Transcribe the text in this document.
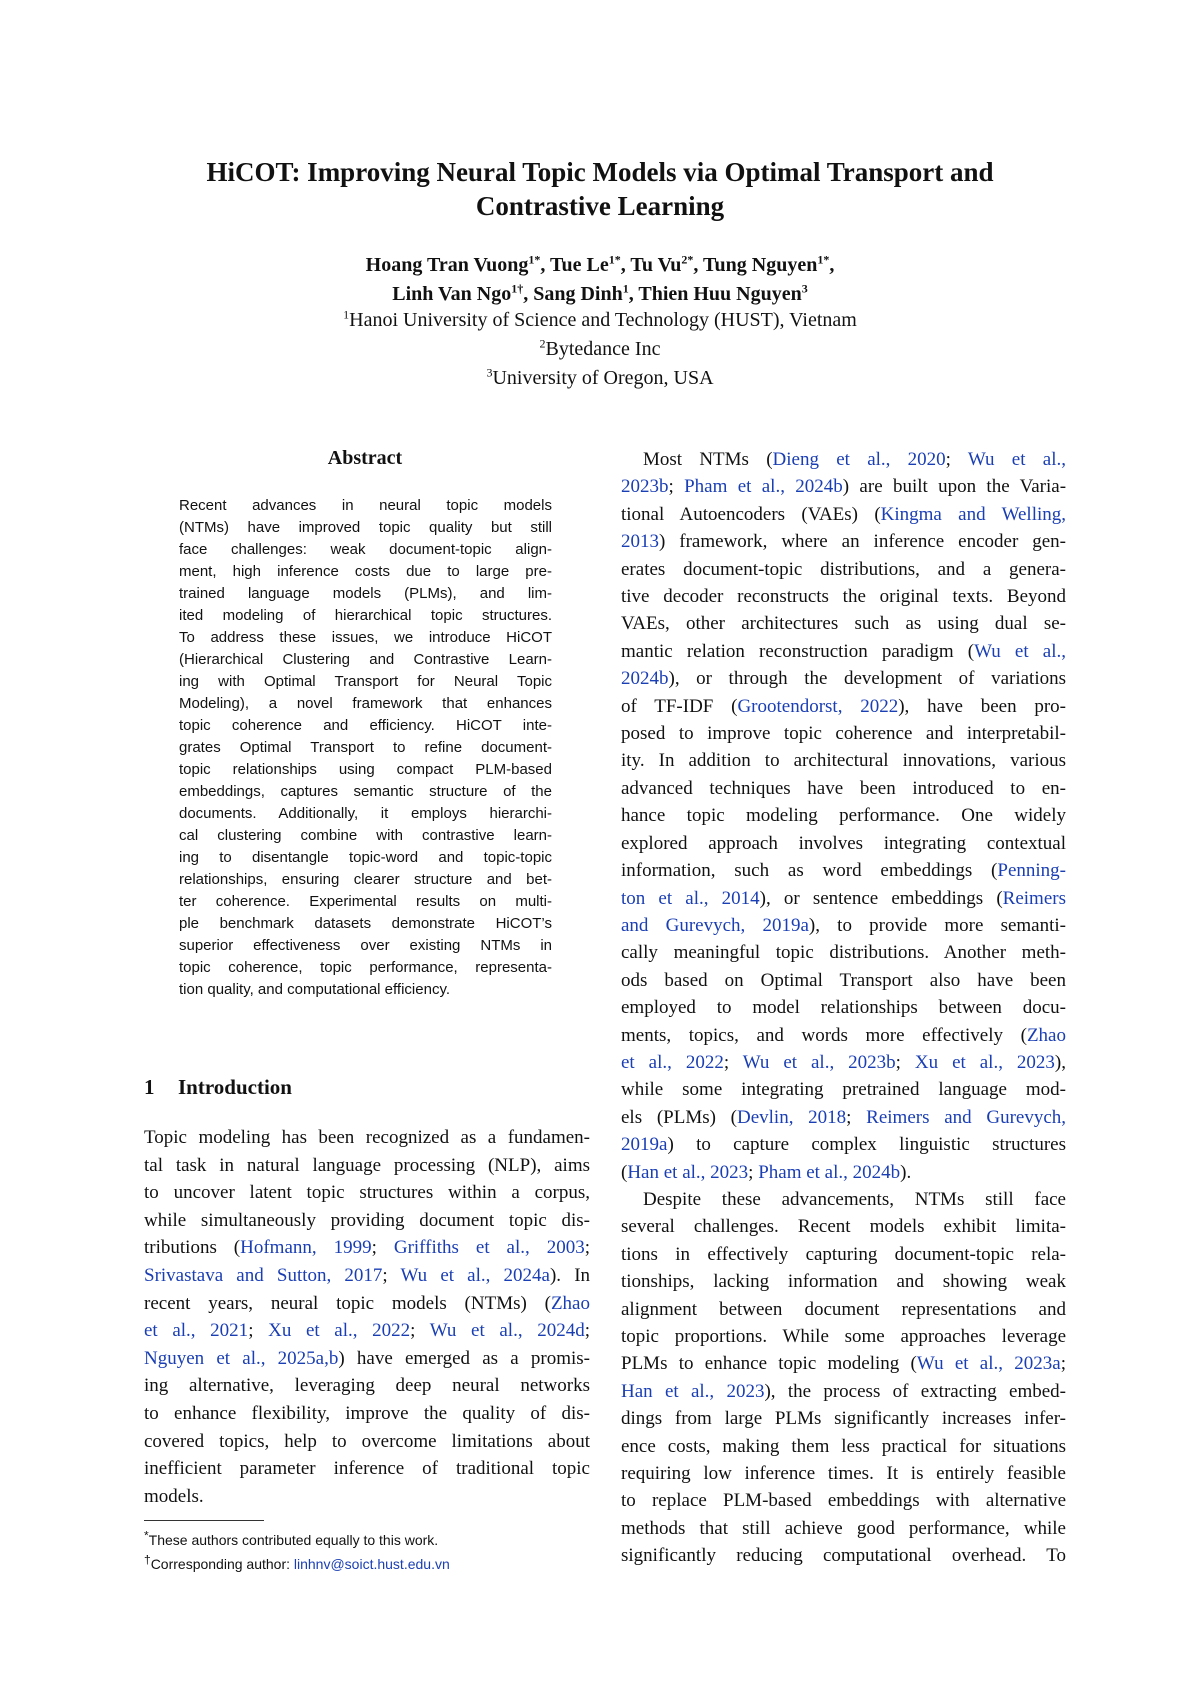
HiCOT: Improving Neural Topic Models via Optimal Transport and
Contrastive Learning
Hoang Tran Vuong$^{1*}$, Tue $Le^{1*}$, Tu $Vu^{2*}$, Tung Nguyen$^{1*}$,
Linh Van Ngo$^{1\dagger}$, Sang Dinh$^1$, Thien Huu Nguyen$^3$
$^1$Hanoi University of Science and Technology (HUST), Vietnam
$^2$Bytedance Inc
$^3$University of Oregon, USA
Abstract
Recent advances in neural topic models
(NTMs) have improved topic quality but still
face challenges: weak document-topic align-
ment, high inference costs due to large pre-
trained language models (PLMs), and lim-
ited modeling of hierarchical topic structures.
To address these issues, we introduce HiCOT
(Hierarchical Clustering and Contrastive Learn-
ing with Optimal Transport for Neural Topic
Modeling), a novel framework that enhances
topic coherence and efficiency. HiCOT inte-
grates Optimal Transport to refine document-
topic relationships using compact PLM-based
embeddings, captures semantic structure of the
documents. Additionally, it employs hierarchi-
cal clustering combine with contrastive learn-
ing to disentangle topic-word and topic-topic
relationships, ensuring clearer structure and bet-
ter coherence. Experimental results on multi-
ple benchmark datasets demonstrate HiCOT’s
superior effectiveness over existing NTMs in
topic coherence, topic performance, representa-
tion quality, and computational efficiency.
1 Introduction
Topic modeling has been recognized as a fundamen-
tal task in natural language processing (NLP), aims
to uncover latent topic structures within a corpus,
while simultaneously providing document topic dis-
tributions (Hofmann, 1999; Griffiths et al., 2003;
Srivastava and Sutton, 2017; Wu et al., 2024a). In
recent years, neural topic models (NTMs) (Zhao
et al., 2021; Xu et al., 2022; Wu et al., 2024d;
Nguyen et al., 2025a,b) have emerged as a promis-
ing alternative, leveraging deep neural networks
to enhance flexibility, improve the quality of dis-
covered topics, help to overcome limitations about
inefficient parameter inference of traditional topic
models.
*These authors contributed equally to this work.
†Corresponding author: linhnv@soict.hust.edu.vn
Most NTMs (Dieng et al., 2020; Wu et al.,
2023b; Pham et al., 2024b) are built upon the Varia-
tional Autoencoders (VAEs) (Kingma and Welling,
2013) framework, where an inference encoder gen-
erates document-topic distributions, and a genera-
tive decoder reconstructs the original texts. Beyond
VAEs, other architectures such as using dual se-
mantic relation reconstruction paradigm (Wu et al.,
2024b), or through the development of variations
of TF-IDF (Grootendorst, 2022), have been pro-
posed to improve topic coherence and interpretabil-
ity. In addition to architectural innovations, various
advanced techniques have been introduced to en-
hance topic modeling performance. One widely
explored approach involves integrating contextual
information, such as word embeddings (Penning-
ton et al., 2014), or sentence embeddings (Reimers
and Gurevych, 2019a), to provide more semanti-
cally meaningful topic distributions. Another meth-
ods based on Optimal Transport also have been
employed to model relationships between docu-
ments, topics, and words more effectively (Zhao
et al., 2022; Wu et al., 2023b; Xu et al., 2023),
while some integrating pretrained language mod-
els (PLMs) (Devlin, 2018; Reimers and Gurevych,
2019a) to capture complex linguistic structures
(Han et al., 2023; Pham et al., 2024b).
Despite these advancements, NTMs still face
several challenges. Recent models exhibit limita-
tions in effectively capturing document-topic rela-
tionships, lacking information and showing weak
alignment between document representations and
topic proportions. While some approaches leverage
PLMs to enhance topic modeling (Wu et al., 2023a;
Han et al., 2023), the process of extracting embed-
dings from large PLMs significantly increases infer-
ence costs, making them less practical for situations
requiring low inference times. It is entirely feasible
to replace PLM-based embeddings with alternative
methods that still achieve good performance, while
significantly reducing computational overhead. To
